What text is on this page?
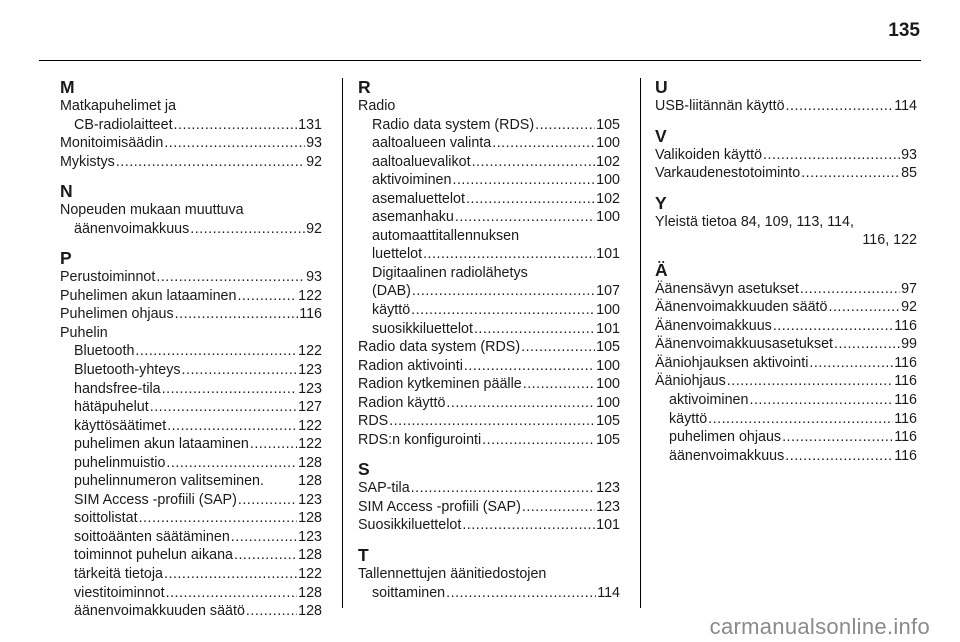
135
M
Matkapuhelimet ja
CB-radiolaitteet .....	131
Monitoimisäädin .....	93
Mykistys .....	92
N
Nopeuden mukaan muuttuva
äänenvoimakkuus .....	92
P
Perustoiminnot .....	93
Puhelimen akun lataaminen .....	122
Puhelimen ohjaus .....	116
Puhelin
Bluetooth .....	122
Bluetooth-yhteys .....	123
handsfree-tila .....	123
hätäpuhelut .....	127
käyttösäätimet .....	122
puhelimen akun lataaminen .....	122
puhelinmuistio .....	128
puhelinnumeron valitseminen. 128
SIM Access -profiili (SAP) .....	123
soittolistat .....	128
soittoäänten säätäminen .....	123
toiminnot puhelun aikana .....	128
tärkeitä tietoja .....	122
viestitoiminnot .....	128
äänenvoimakkuuden säätö .....	128
R
Radio
Radio data system (RDS) .....	105
aaltoalueen valinta .....	100
aaltoaluevalikot .....	102
aktivoiminen .....	100
asemaluettelot .....	102
asemanhaku .....	100
automaattitallennuksen
luettelot .....	101
Digitaalinen radiolähetys
(DAB) .....	107
käyttö .....	100
suosikkiluettelot .....	101
Radio data system (RDS) .....	105
Radion aktivointi .....	100
Radion kytkeminen päälle .....	100
Radion käyttö .....	100
RDS .....	105
RDS:n konfigurointi .....	105
S
SAP-tila .....	123
SIM Access -profiili (SAP) .....	123
Suosikkiluettelot .....	101
T
Tallennettujen äänitiedostojen
soittaminen .....	114
U
USB-liitännän käyttö .....	114
V
Valikoiden käyttö .....	93
Varkaudenestotoiminto .....	85
Y
Yleistä tietoa 84, 109, 113, 114,
116, 122
Ä
Äänensävyn asetukset .....	97
Äänenvoimakkuuden säätö .....	92
Äänenvoimakkuus .....	116
Äänenvoimakkuusasetukset .....	99
Ääniohjauksen aktivointi .....	116
Ääniohjaus .....	116
aktivoiminen .....	116
käyttö .....	116
puhelimen ohjaus .....	116
äänenvoimakkuus .....	116
carmanualsonline.info
